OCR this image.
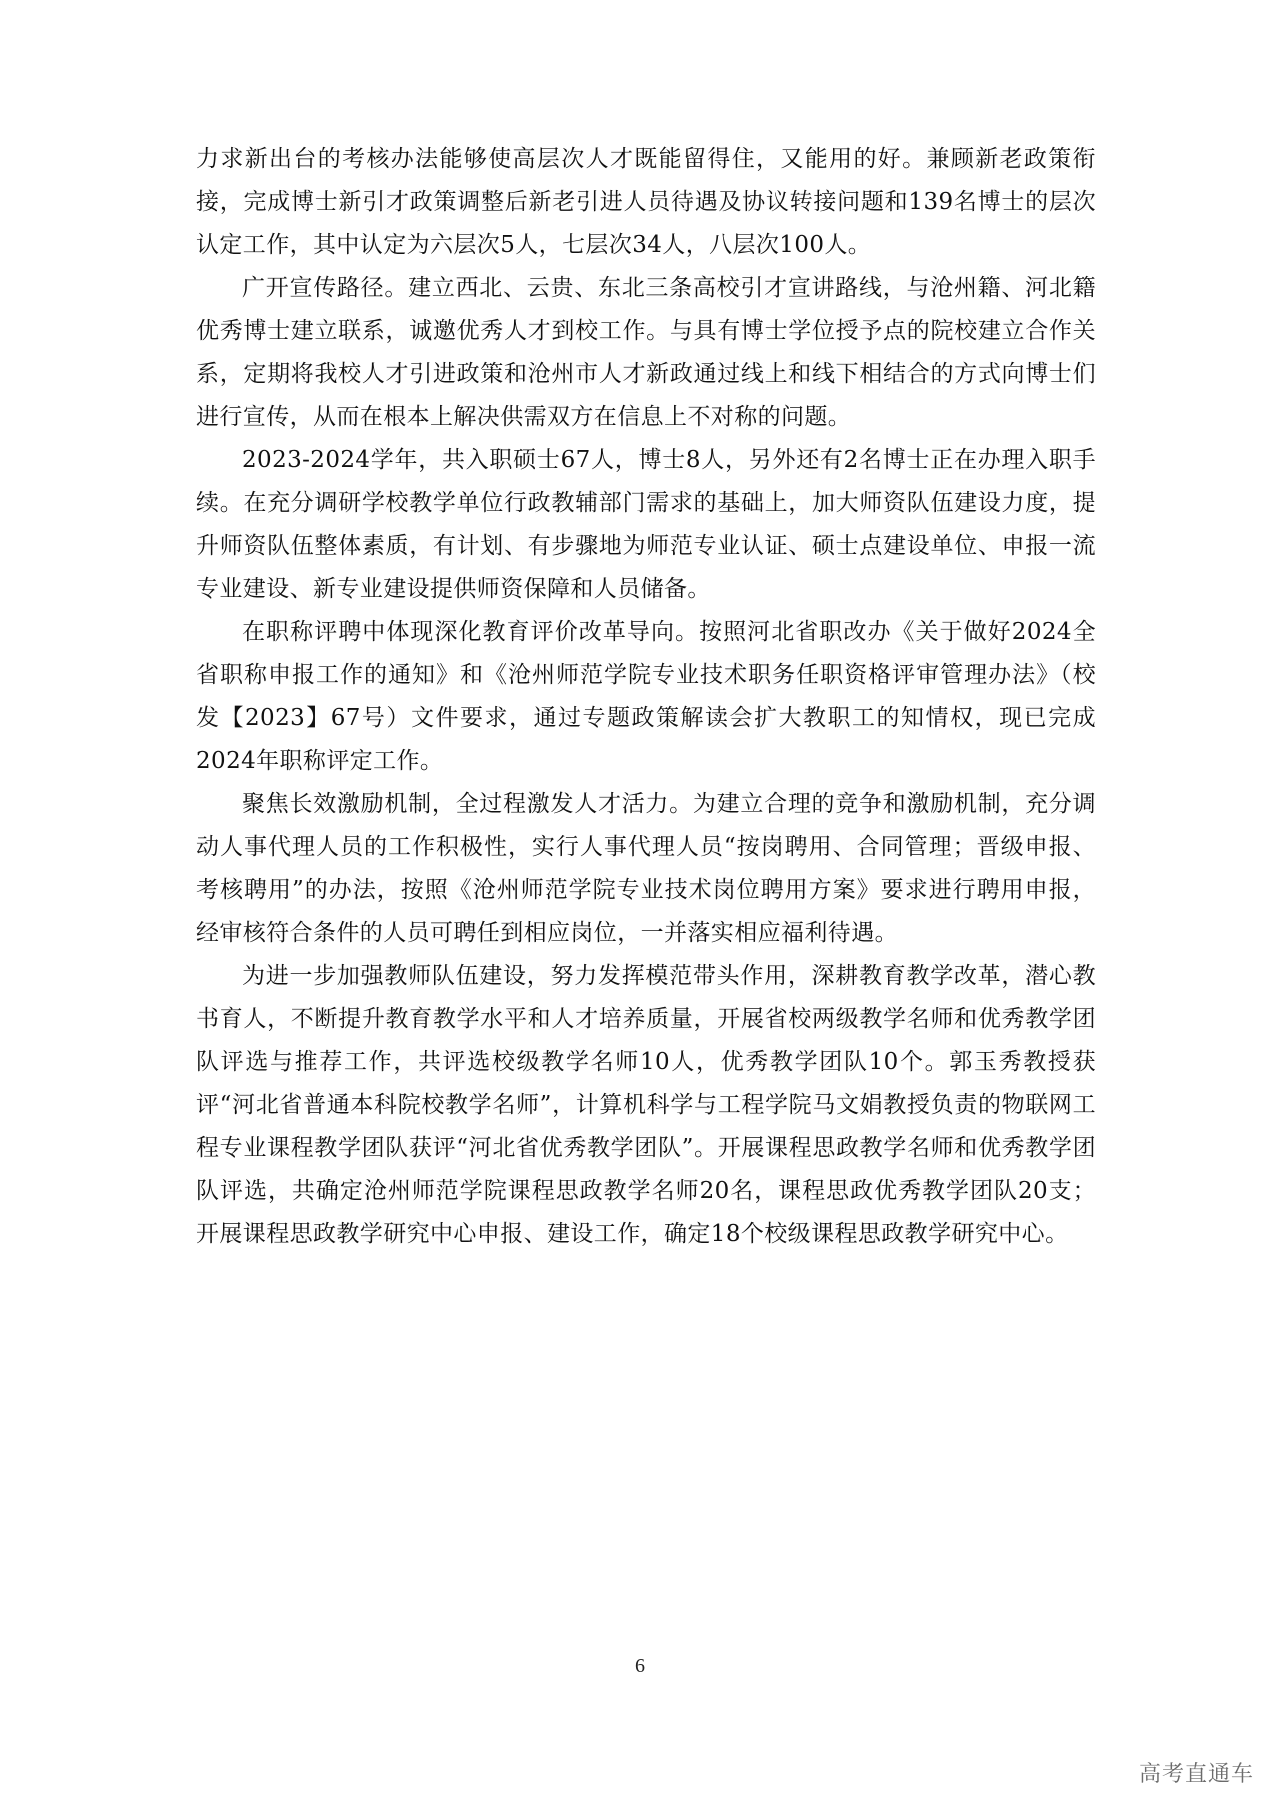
力求新出台的考核办法能够使高层次人才既能留得住，又能用的好。兼顾新老政策衔接，完成博士新引才政策调整后新老引进人员待遇及协议转接问题和139名博士的层次认定工作，其中认定为六层次5人，七层次34人，八层次100人。

广开宣传路径。建立西北、云贵、东北三条高校引才宣讲路线，与沧州籍、河北籍优秀博士建立联系，诚邀优秀人才到校工作。与具有博士学位授予点的院校建立合作关系，定期将我校人才引进政策和沧州市人才新政通过线上和线下相结合的方式向博士们进行宣传，从而在根本上解决供需双方在信息上不对称的问题。

2023-2024学年，共入职硕士67人，博士8人，另外还有2名博士正在办理入职手续。在充分调研学校教学单位行政教辅部门需求的基础上，加大师资队伍建设力度，提升师资队伍整体素质，有计划、有步骤地为师范专业认证、硕士点建设单位、申报一流专业建设、新专业建设提供师资保障和人员储备。

在职称评聘中体现深化教育评价改革导向。按照河北省职改办《关于做好2024全省职称申报工作的通知》和《沧州师范学院专业技术职务任职资格评审管理办法》（校发【2023】67号）文件要求，通过专题政策解读会扩大教职工的知情权，现已完成2024年职称评定工作。

聚焦长效激励机制，全过程激发人才活力。为建立合理的竞争和激励机制，充分调动人事代理人员的工作积极性，实行人事代理人员“按岗聘用、合同管理；晋级申报、考核聘用”的办法，按照《沧州师范学院专业技术岗位聘用方案》要求进行聘用申报，经审核符合条件的人员可聘任到相应岗位，一并落实相应福利待遇。

为进一步加强教师队伍建设，努力发挥模范带头作用，深耕教育教学改革，潜心教书育人，不断提升教育教学水平和人才培养质量，开展省校两级教学名师和优秀教学团队评选与推荐工作，共评选校级教学名师10人，优秀教学团队10个。郭玉秀教授获评“河北省普通本科院校教学名师”，计算机科学与工程学院马文娟教授负责的物联网工程专业课程教学团队获评“河北省优秀教学团队”。开展课程思政教学名师和优秀教学团队评选，共确定沧州师范学院课程思政教学名师20名，课程思政优秀教学团队20支；开展课程思政教学研究中心申报、建设工作，确定18个校级课程思政教学研究中心。

6
高考直通车
